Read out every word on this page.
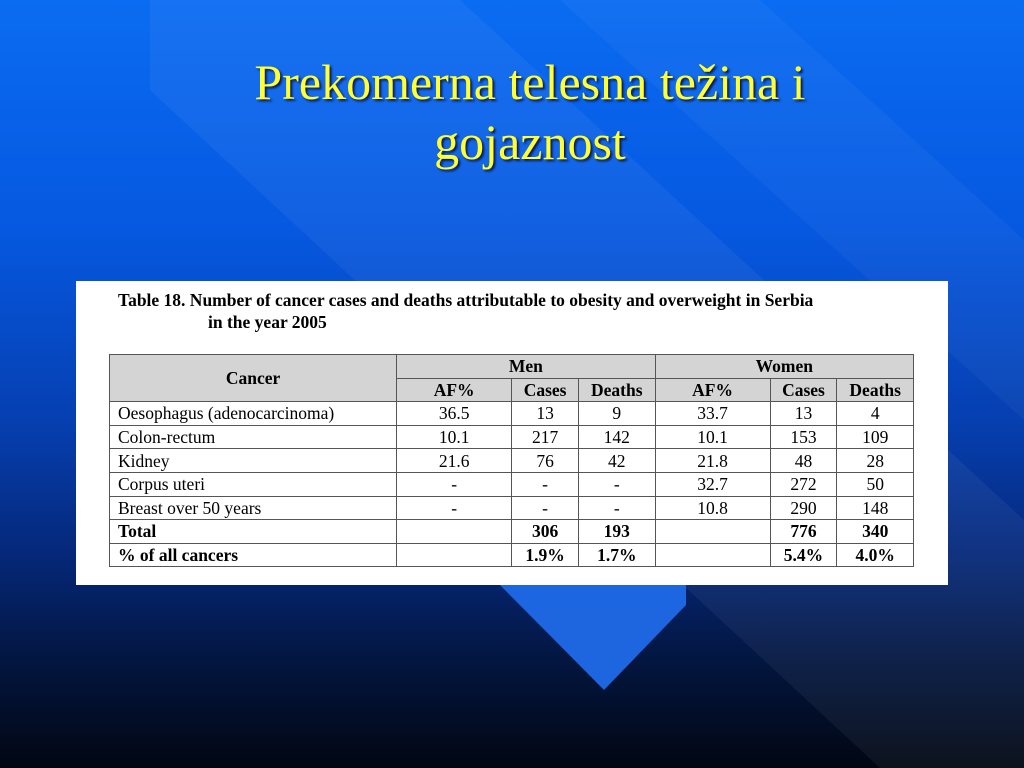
Prekomerna telesna težina i
gojaznost
Table 18. Number of cancer cases and deaths attributable to obesity and overweight in Serbia
in the year 2005
Cancer	Men			Women		
	AF%	Cases	Deaths	AF%	Cases	Deaths
Oesophagus (adenocarcinoma)	36.5	13	9	33.7	13	4
Colon-rectum	10.1	217	142	10.1	153	109
Kidney	21.6	76	42	21.8	48	28
Corpus uteri	-	-	-	32.7	272	50
Breast over 50 years	-	-	-	10.8	290	148
Total		306	193		776	340
% of all cancers		1.9%	1.7%		5.4%	4.0%
